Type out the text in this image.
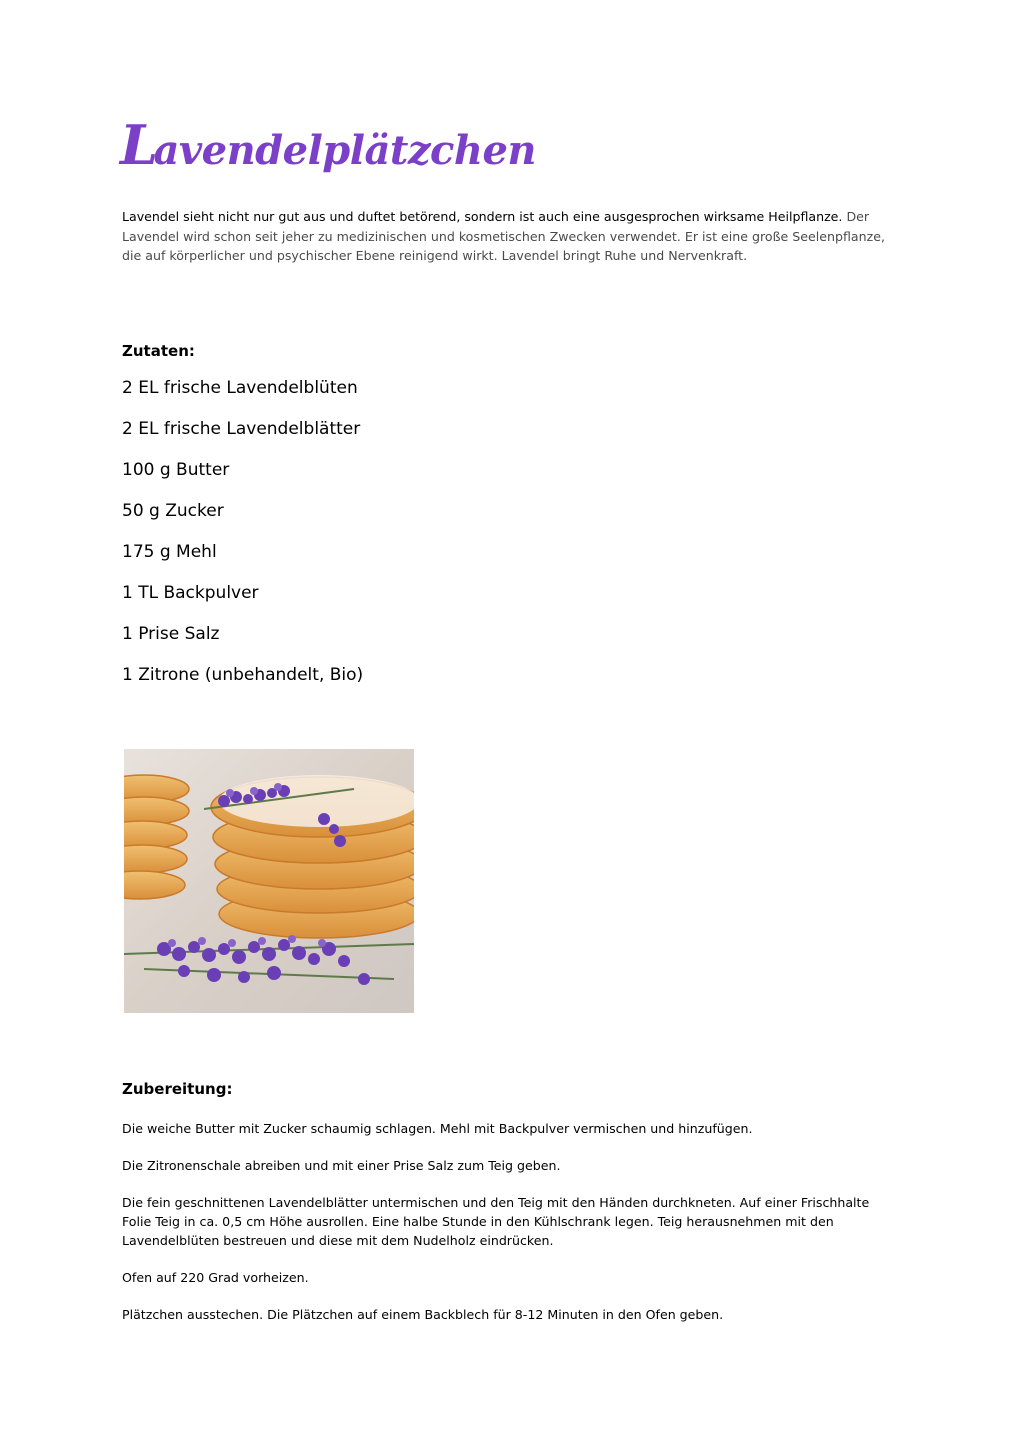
Lavendelplätzchen

Lavendel sieht nicht nur gut aus und duftet betörend, sondern ist auch eine ausgesprochen wirksame Heilpflanze. Der Lavendel wird schon seit jeher zu medizinischen und kosmetischen Zwecken verwendet. Er ist eine große Seelenpflanze, die auf körperlicher und psychischer Ebene reinigend wirkt. Lavendel bringt Ruhe und Nervenkraft.

Zutaten:
2 EL frische Lavendelblüten
2 EL frische Lavendelblätter
100 g Butter
50 g Zucker
175 g Mehl
1 TL Backpulver
1 Prise Salz
1 Zitrone (unbehandelt, Bio)
Zubereitung:

Die weiche Butter mit Zucker schaumig schlagen. Mehl mit Backpulver vermischen und hinzufügen.

Die Zitronenschale abreiben und mit einer Prise Salz zum Teig geben.

Die fein geschnittenen Lavendelblätter untermischen und den Teig mit den Händen durchkneten. Auf einer Frischhalte Folie Teig in ca. 0,5 cm Höhe ausrollen. Eine halbe Stunde in den Kühlschrank legen. Teig herausnehmen mit den Lavendelblüten bestreuen und diese mit dem Nudelholz eindrücken.

Ofen auf 220 Grad vorheizen.

Plätzchen ausstechen. Die Plätzchen auf einem Backblech für 8-12 Minuten in den Ofen geben.
